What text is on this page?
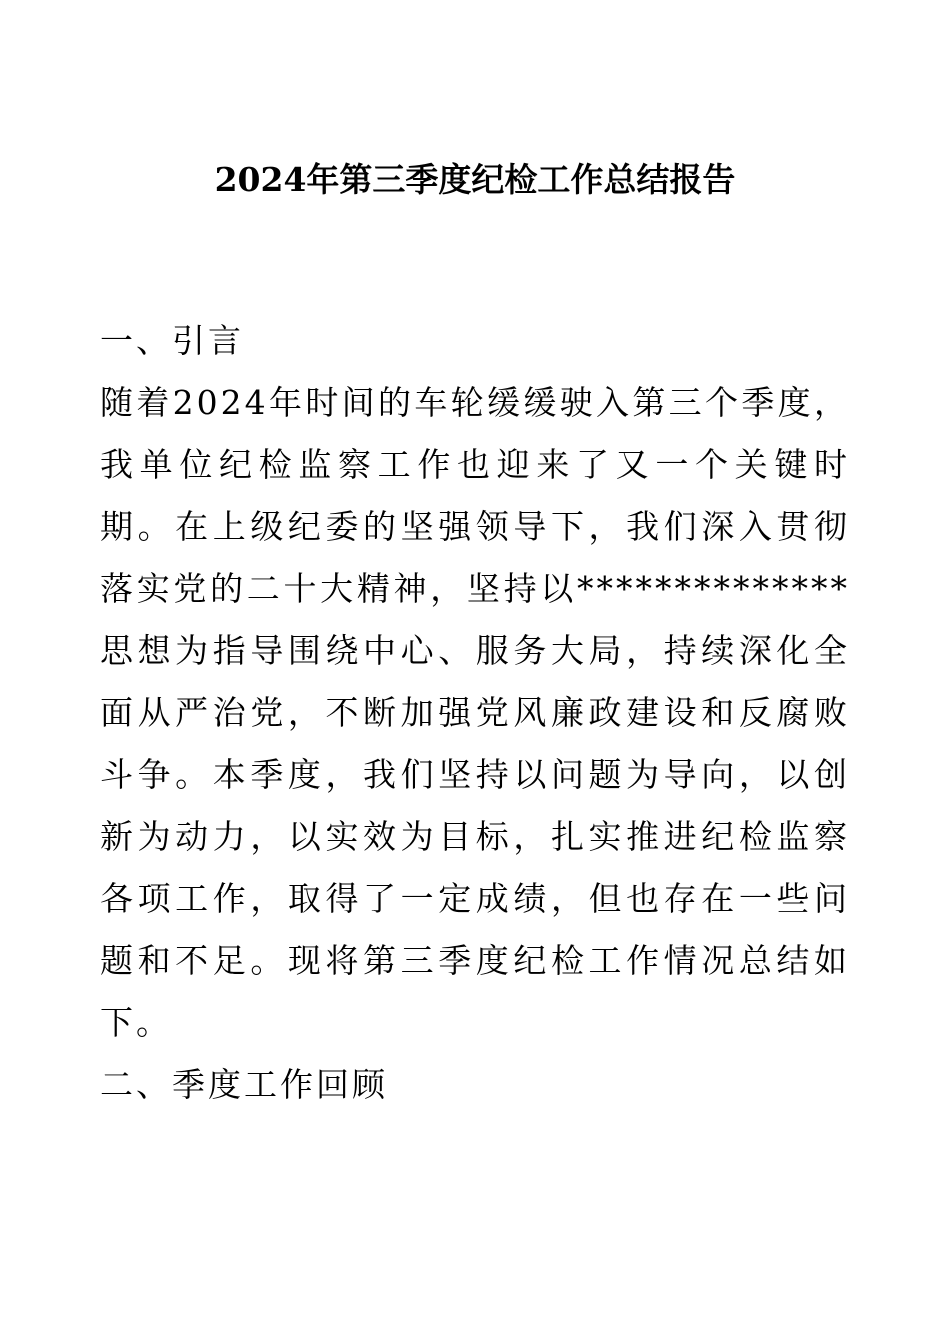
2024年第三季度纪检工作总结报告

一、引言

随着2024年时间的车轮缓缓驶入第三个季度，我单位纪检监察工作也迎来了又一个关键时期。在上级纪委的坚强领导下，我们深入贯彻落实党的二十大精神，坚持以**************思想为指导围绕中心、服务大局，持续深化全面从严治党，不断加强党风廉政建设和反腐败斗争。本季度，我们坚持以问题为导向，以创新为动力，以实效为目标，扎实推进纪检监察各项工作，取得了一定成绩，但也存在一些问题和不足。现将第三季度纪检工作情况总结如下。

二、季度工作回顾
